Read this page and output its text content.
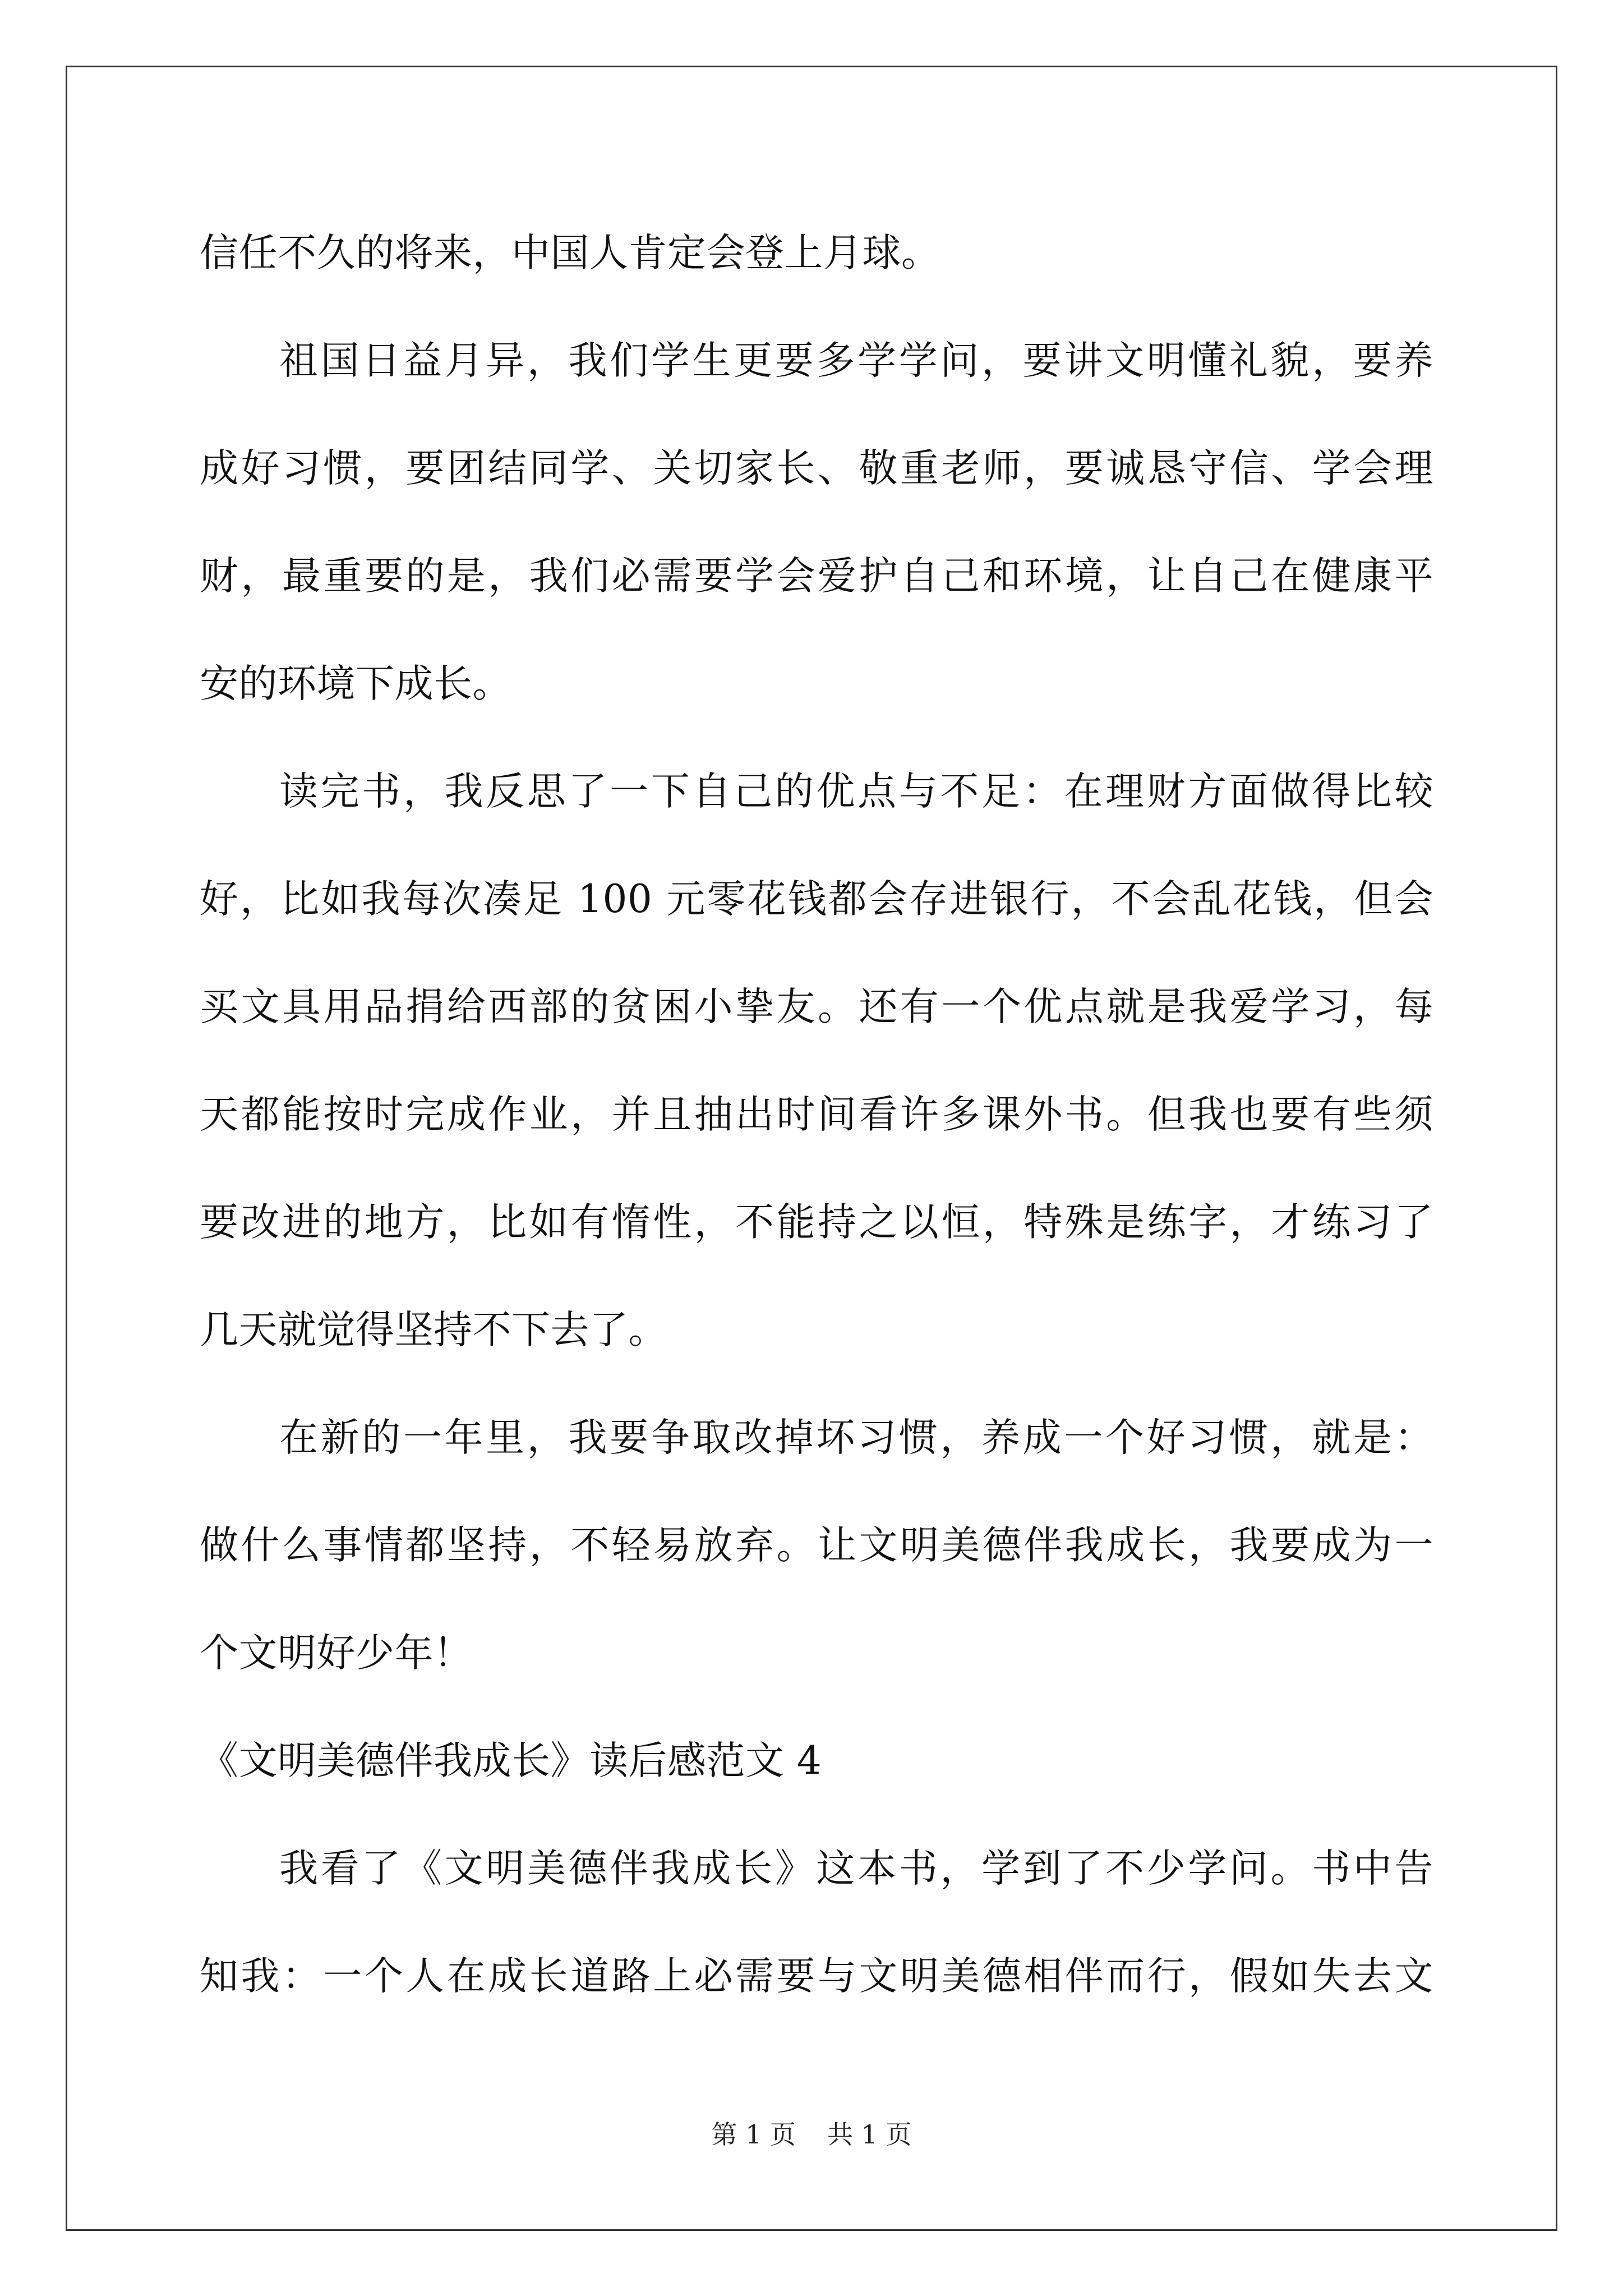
信任不久的将来，中国人肯定会登上月球。
祖国日益月异，我们学生更要多学学问，要讲文明懂礼貌，要养
成好习惯，要团结同学、关切家长、敬重老师，要诚恳守信、学会理
财，最重要的是，我们必需要学会爱护自己和环境，让自己在健康平
安的环境下成长。
读完书，我反思了一下自己的优点与不足：在理财方面做得比较
好，比如我每次凑足 100 元零花钱都会存进银行，不会乱花钱，但会
买文具用品捐给西部的贫困小挚友。还有一个优点就是我爱学习，每
天都能按时完成作业，并且抽出时间看许多课外书。但我也要有些须
要改进的地方，比如有惰性，不能持之以恒，特殊是练字，才练习了
几天就觉得坚持不下去了。
在新的一年里，我要争取改掉坏习惯，养成一个好习惯，就是：
做什么事情都坚持，不轻易放弃。让文明美德伴我成长，我要成为一
个文明好少年！
《文明美德伴我成长》读后感范文 4
我看了《文明美德伴我成长》这本书，学到了不少学问。书中告
知我：一个人在成长道路上必需要与文明美德相伴而行，假如失去文
第 1 页 共 1 页
